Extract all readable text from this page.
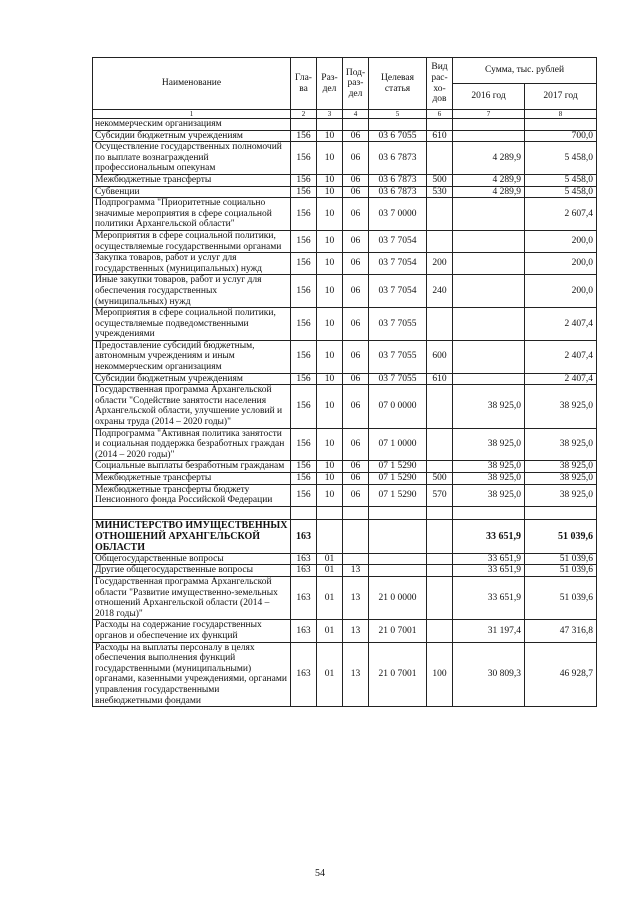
Наименование	Гла-ва	Раз-дел	Под-раз-дел	Целевая статья	Вид рас-хо-дов	Сумма, тыс. рублей	
						2016 год	2017 год
1	2	3	4	5	6	7	8
некоммерческим организациям							
Субсидии бюджетным учреждениям	156	10	06	03 6 7055	610		700,0
Осуществление государственных полномочий по выплате вознаграждений профессиональным опекунам	156	10	06	03 6 7873		4 289,9	5 458,0
Межбюджетные трансферты	156	10	06	03 6 7873	500	4 289,9	5 458,0
Субвенции	156	10	06	03 6 7873	530	4 289,9	5 458,0
Подпрограмма "Приоритетные социально значимые мероприятия в сфере социальной политики Архангельской области"	156	10	06	03 7 0000			2 607,4
Мероприятия в сфере социальной политики, осуществляемые государственными органами	156	10	06	03 7 7054			200,0
Закупка товаров, работ и услуг для государственных (муниципальных) нужд	156	10	06	03 7 7054	200		200,0
Иные закупки товаров, работ и услуг для обеспечения государственных (муниципальных) нужд	156	10	06	03 7 7054	240		200,0
Мероприятия в сфере социальной политики, осуществляемые подведомственными учреждениями	156	10	06	03 7 7055			2 407,4
Предоставление субсидий бюджетным, автономным учреждениям и иным некоммерческим организациям	156	10	06	03 7 7055	600		2 407,4
Субсидии бюджетным учреждениям	156	10	06	03 7 7055	610		2 407,4
Государственная программа Архангельской области "Содействие занятости населения Архангельской области, улучшение условий и охраны труда (2014 – 2020 годы)"	156	10	06	07 0 0000		38 925,0	38 925,0
Подпрограмма "Активная политика занятости и социальная поддержка безработных граждан (2014 – 2020 годы)"	156	10	06	07 1 0000		38 925,0	38 925,0
Социальные выплаты безработным гражданам	156	10	06	07 1 5290		38 925,0	38 925,0
Межбюджетные трансферты	156	10	06	07 1 5290	500	38 925,0	38 925,0
Межбюджетные трансферты бюджету Пенсионного фонда Российской Федерации	156	10	06	07 1 5290	570	38 925,0	38 925,0

МИНИСТЕРСТВО ИМУЩЕСТВЕННЫХ ОТНОШЕНИЙ АРХАНГЕЛЬСКОЙ ОБЛАСТИ	163					33 651,9	51 039,6
Общегосударственные вопросы	163	01				33 651,9	51 039,6
Другие общегосударственные вопросы	163	01	13			33 651,9	51 039,6
Государственная программа Архангельской области "Развитие имущественно-земельных отношений Архангельской области (2014 – 2018 годы)"	163	01	13	21 0 0000		33 651,9	51 039,6
Расходы на содержание государственных органов и обеспечение их функций	163	01	13	21 0 7001		31 197,4	47 316,8
Расходы на выплаты персоналу в целях обеспечения выполнения функций государственными (муниципальными) органами, казенными учреждениями, органами управления государственными внебюджетными фондами	163	01	13	21 0 7001	100	30 809,3	46 928,7
54
